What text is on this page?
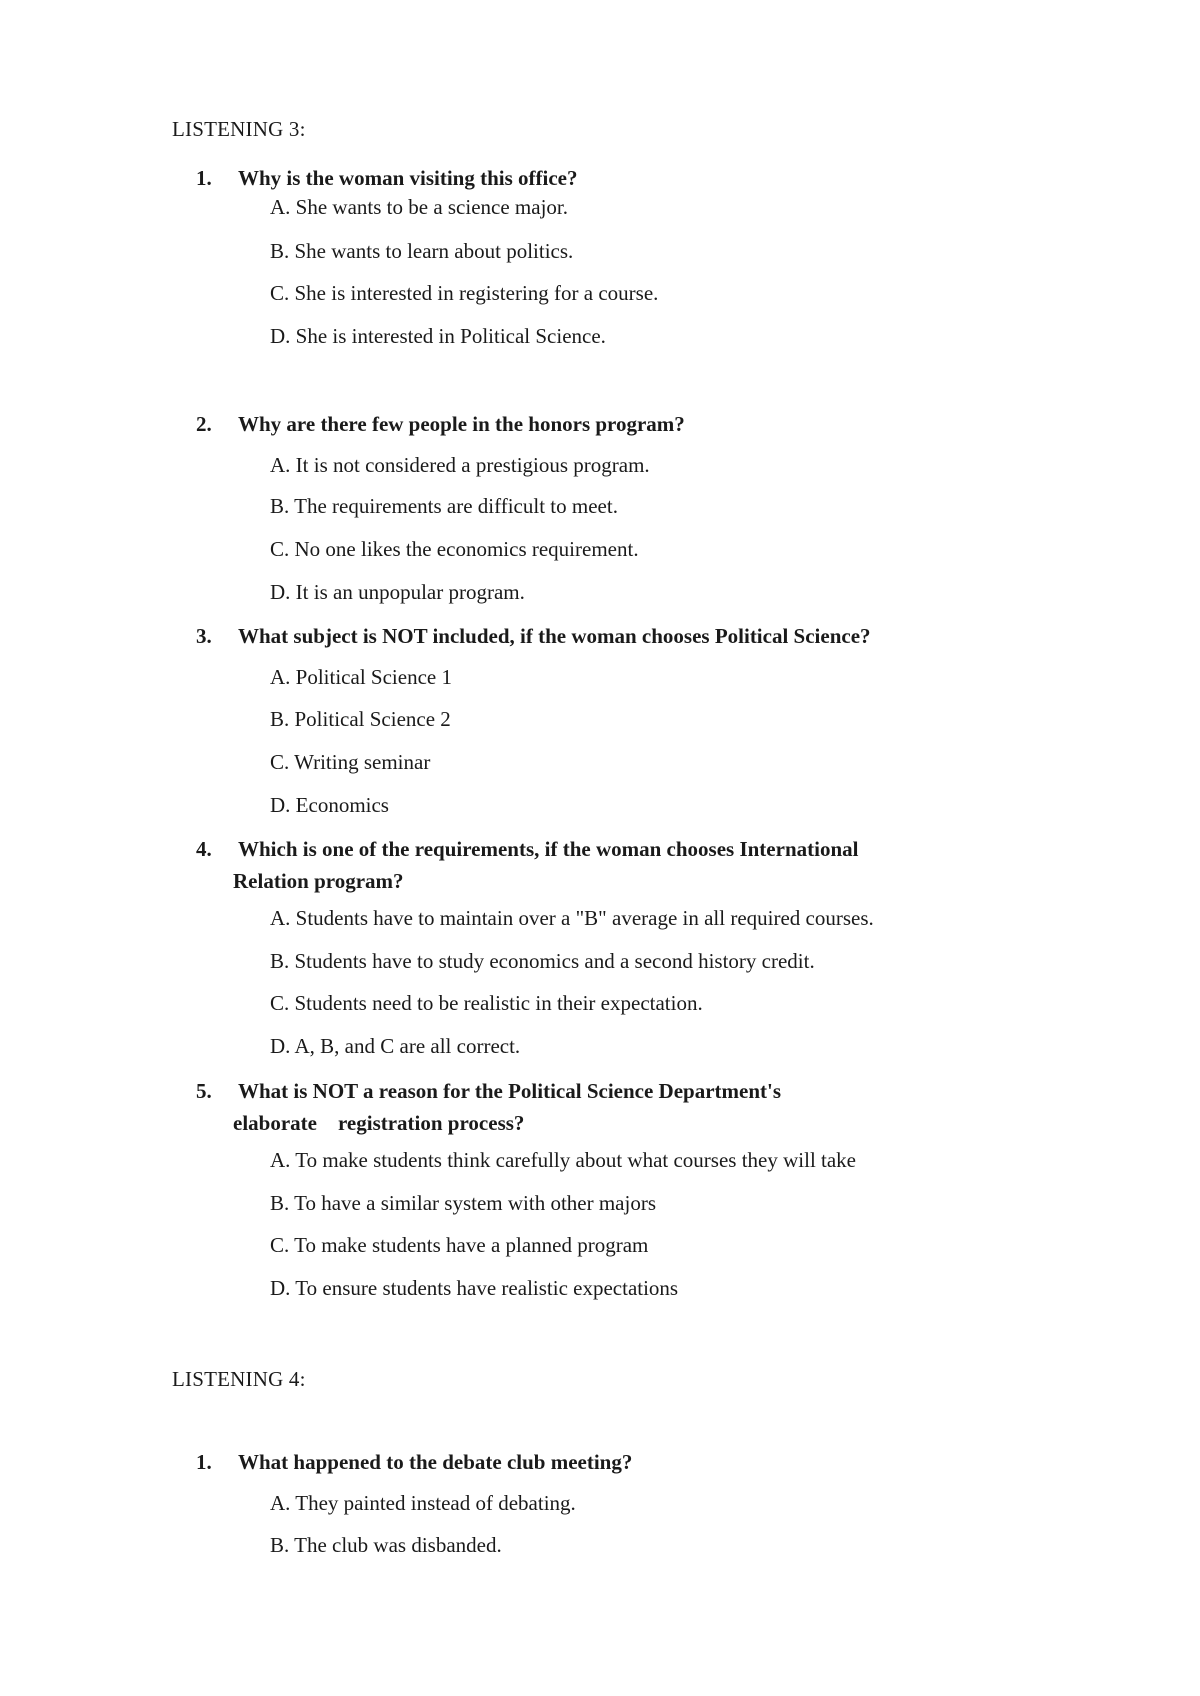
LISTENING 3:
1. Why is the woman visiting this office?
A. She wants to be a science major.
B. She wants to learn about politics.
C. She is interested in registering for a course.
D. She is interested in Political Science.
2. Why are there few people in the honors program?
A. It is not considered a prestigious program.
B. The requirements are difficult to meet.
C. No one likes the economics requirement.
D. It is an unpopular program.
3. What subject is NOT included, if the woman chooses Political Science?
A. Political Science 1
B. Political Science 2
C. Writing seminar
D. Economics
4. Which is one of the requirements, if the woman chooses International
Relation program?
A. Students have to maintain over a "B" average in all required courses.
B. Students have to study economics and a second history credit.
C. Students need to be realistic in their expectation.
D. A, B, and C are all correct.
5. What is NOT a reason for the Political Science Department's
elaborate    registration process?
A. To make students think carefully about what courses they will take
B. To have a similar system with other majors
C. To make students have a planned program
D. To ensure students have realistic expectations
LISTENING 4:
1. What happened to the debate club meeting?
A. They painted instead of debating.
B. The club was disbanded.
